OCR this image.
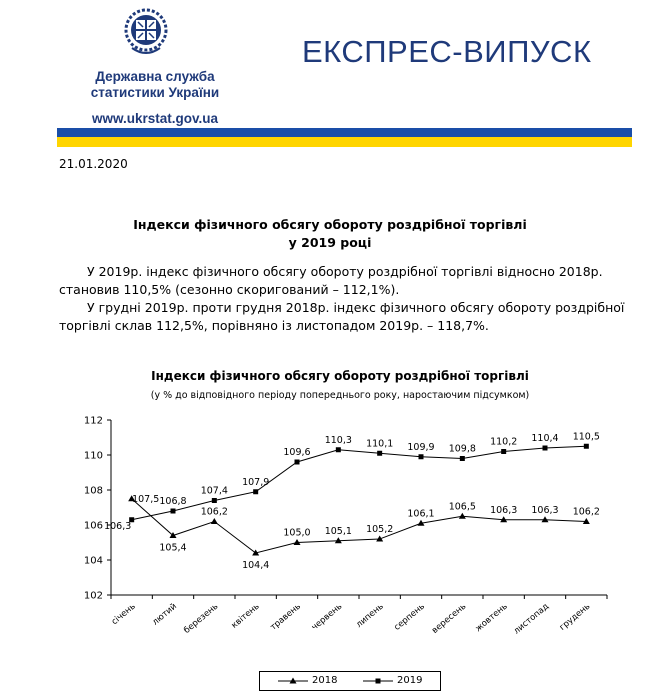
Державна служба
статистики України
www.ukrstat.gov.ua
ЕКСПРЕС-ВИПУСК
21.01.2020
Індекси фізичного обсягу обороту роздрібної торгівлі
у 2019 році
У 2019р. індекс фізичного обсягу обороту роздрібної торгівлі відносно 2018р.
становив 110,5% (сезонно скоригований – 112,1%).
У грудні 2019р. проти грудня 2018р. індекс фізичного обсягу обороту роздрібної
торгівлі склав 112,5%, порівняно із листопадом 2019р. – 118,7%.
Індекси фізичного обсягу обороту роздрібної торгівлі
(у % до відповідного періоду попереднього року, наростаючим підсумком)
102
104
106
108
110
112
січень лютий березень квітень травень червень липень серпень вересень жовтень листопад грудень
107,5
105,4
106,2
104,4
105,0 105,1 105,2
106,1
106,5 106,3 106,3 106,2
106,3
106,8
107,4
107,9
109,6
110,3 110,1 109,9 109,8
110,2 110,4 110,5
2018	2019
